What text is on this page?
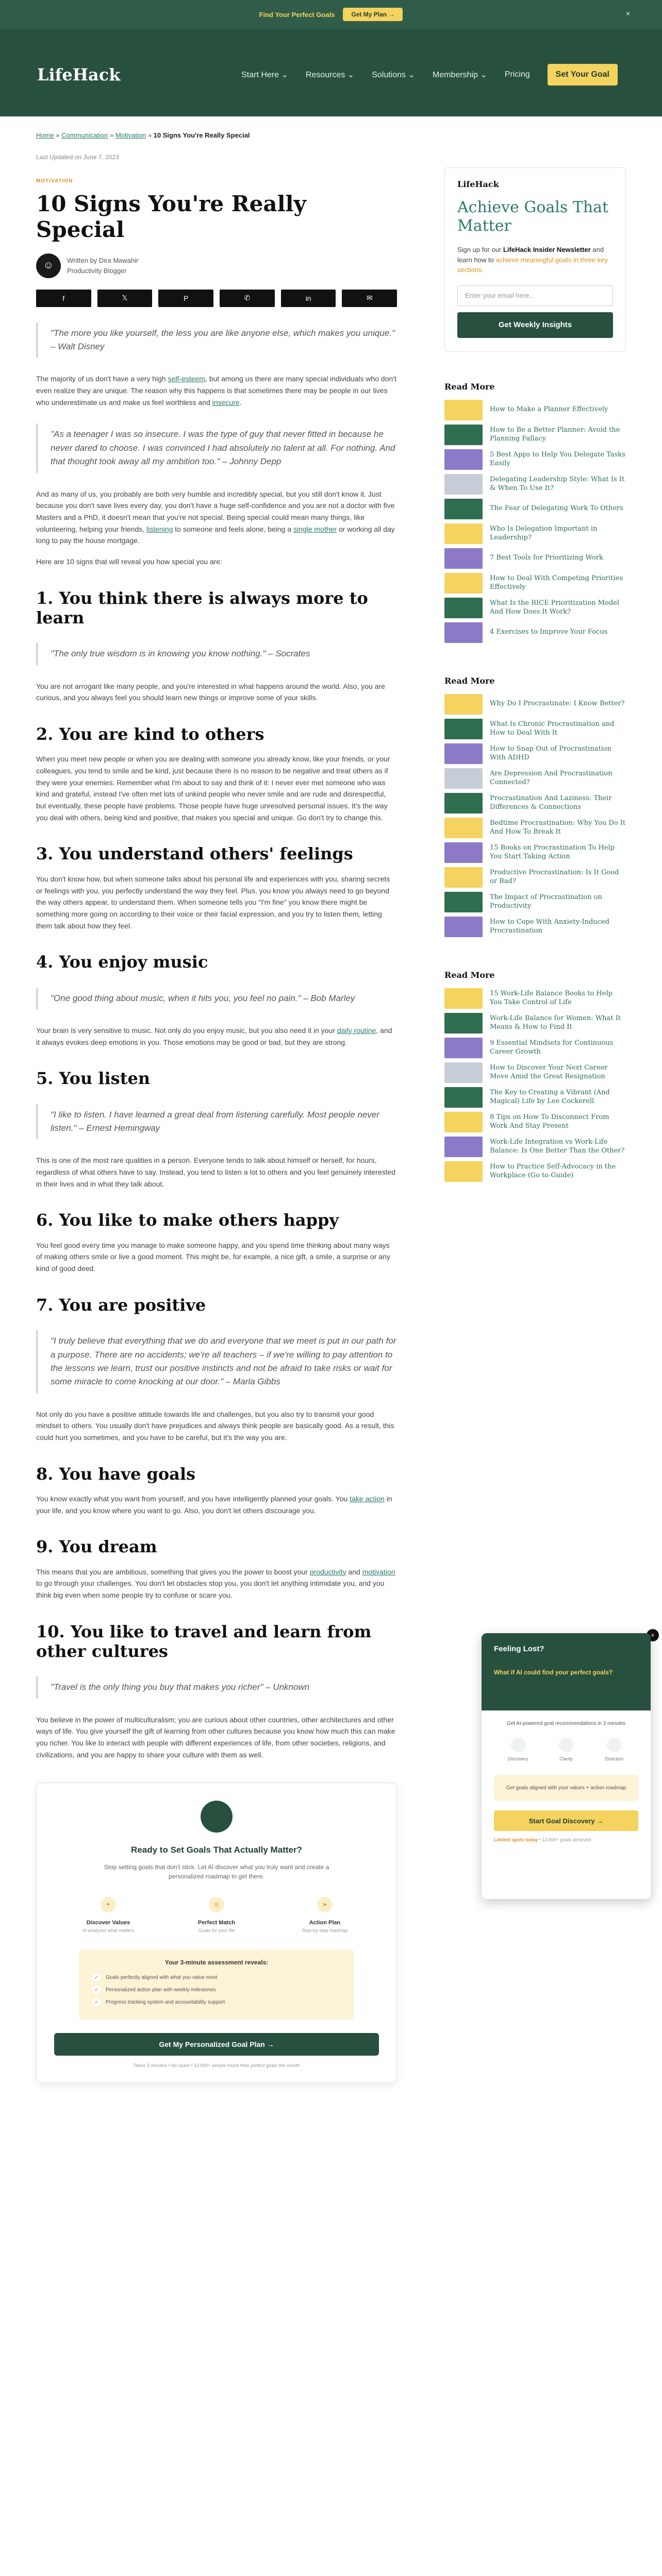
Find Your Perfect Goals	Get My Plan →	×
LifeHack	Start Here ⌄ Resources ⌄ Solutions ⌄ Membership ⌄ Pricing	Set Your Goal
Home » Communication » Motivation » 10 Signs You're Really Special
Last Updated on June 7, 2023
MOTIVATION
10 Signs You're Really Special
☺	Written by Dira Mawahir
Productivity Blogger
f	𝕏	P	✆	in	✉
"The more you like yourself, the less you are like anyone else, which makes you unique." – Walt Disney

The majority of us don't have a very high self-esteem, but among us there are many special individuals who don't even realize they are unique. The reason why this happens is that sometimes there may be people in our lives who underestimate us and make us feel worthless and insecure.

"As a teenager I was so insecure. I was the type of guy that never fitted in because he never dared to choose. I was convinced I had absolutely no talent at all. For nothing. And that thought took away all my ambition too." – Johnny Depp

And as many of us, you probably are both very humble and incredibly special, but you still don't know it. Just because you don't save lives every day, you don't have a huge self-confidence and you are not a doctor with five Masters and a PhD, it doesn't mean that you're not special. Being special could mean many things, like volunteering, helping your friends, listening to someone and feels alone, being a single mother or working all day long to pay the house mortgage.

Here are 10 signs that will reveal you how special you are:

1. You think there is always more to learn
"The only true wisdom is in knowing you know nothing." – Socrates

You are not arrogant like many people, and you're interested in what happens around the world. Also, you are curious, and you always feel you should learn new things or improve some of your skills.

2. You are kind to others

When you meet new people or when you are dealing with someone you already know, like your friends, or your colleagues, you tend to smile and be kind, just because there is no reason to be negative and treat others as if they were your enemies. Remember what I'm about to say and think of it: I never ever met someone who was kind and grateful, instead I've often met lots of unkind people who never smile and are rude and disrespectful, but eventually, these people have problems. Those people have huge unresolved personal issues. It's the way you deal with others, being kind and positive, that makes you special and unique. Go don't try to change this.

3. You understand others' feelings

You don't know how, but when someone talks about his personal life and experiences with you, sharing secrets or feelings with you, you perfectly understand the way they feel. Plus, you know you always need to go beyond the way others appear, to understand them. When someone tells you "I'm fine" you know there might be something more going on according to their voice or their facial expression, and you try to listen them, letting them talk about how they feel.

4. You enjoy music
"One good thing about music, when it hits you, you feel no pain." – Bob Marley

Your brain is very sensitive to music. Not only do you enjoy music, but you also need it in your daily routine, and it always evokes deep emotions in you. Those emotions may be good or bad, but they are strong.

5. You listen
"I like to listen. I have learned a great deal from listening carefully. Most people never listen." – Ernest Hemingway

This is one of the most rare qualities in a person. Everyone tends to talk about himself or herself, for hours, regardless of what others have to say. Instead, you tend to listen a lot to others and you feel genuinely interested in their lives and in what they talk about.

6. You like to make others happy

You feel good every time you manage to make someone happy, and you spend time thinking about many ways of making others smile or live a good moment. This might be, for example, a nice gift, a smile, a surprise or any kind of good deed.

7. You are positive
"I truly believe that everything that we do and everyone that we meet is put in our path for a purpose. There are no accidents; we're all teachers – if we're willing to pay attention to the lessons we learn, trust our positive instincts and not be afraid to take risks or wait for some miracle to come knocking at our door." – Marla Gibbs

Not only do you have a positive attitude towards life and challenges, but you also try to transmit your good mindset to others. You usually don't have prejudices and always think people are basically good. As a result, this could hurt you sometimes, and you have to be careful, but it's the way you are.

8. You have goals

You know exactly what you want from yourself, and you have intelligently planned your goals. You take action in your life, and you know where you want to go. Also, you don't let others discourage you.

9. You dream

This means that you are ambitious, something that gives you the power to boost your productivity and motivation to go through your challenges. You don't let obstacles stop you, you don't let anything intimidate you, and you think big even when some people try to confuse or scare you.

10. You like to travel and learn from other cultures
"Travel is the only thing you buy that makes you richer" – Unknown

You believe in the power of multiculturalism; you are curious about other countries, other architectures and other ways of life. You give yourself the gift of learning from other cultures because you know how much this can make you richer. You like to interact with people with different experiences of life, from other societies, religions, and civilizations, and you are happy to share your culture with them as well.

Ready to Set Goals That Actually Matter?
Stop setting goals that don't stick. Let AI discover what you truly want and create a personalized roadmap to get there.
✦
Discover Values
AI analyzes what matters
◎
Perfect Match
Goals for your life
➤
Action Plan
Step-by-step roadmap
Your 3-minute assessment reveals:
✓ Goals perfectly aligned with what you value most
✓ Personalized action plan with weekly milestones
✓ Progress tracking system and accountability support
Get My Personalized Goal Plan →
Takes 3 minutes • No spam • 12,000+ people found their perfect goals this month
LifeHack
Achieve Goals That Matter
Sign up for our LifeHack Insider Newsletter and learn how to achieve meaningful goals in three key sections.
Enter your email here...
Get Weekly Insights
Read More
How to Make a Planner Effectively
How to Be a Better Planner: Avoid the Planning Fallacy
5 Best Apps to Help You Delegate Tasks Easily
Delegating Leadership Style: What Is It & When To Use It?
The Fear of Delegating Work To Others
Who Is Delegation Important in Leadership?
7 Best Tools for Prioritizing Work
How to Deal With Competing Priorities Effectively
What Is the RICE Prioritization Model And How Does It Work?
4 Exercises to Improve Your Focus
Read More
Why Do I Procrastinate: I Know Better?
What Is Chronic Procrastination and How to Deal With It
How to Snap Out of Procrastination With ADHD
Are Depression And Procrastination Connected?
Procrastination And Laziness: Their Differences & Connections
Bedtime Procrastination: Why You Do It And How To Break It
15 Books on Procrastination To Help You Start Taking Action
Productive Procrastination: Is It Good or Bad?
The Impact of Procrastination on Productivity
How to Cope With Anxiety-Induced Procrastination
Read More
15 Work-Life Balance Books to Help You Take Control of Life
Work-Life Balance for Women: What It Means & How to Find It
9 Essential Mindsets for Continuous Career Growth
How to Discover Your Next Career Move Amid the Great Resignation
The Key to Creating a Vibrant (And Magical) Life by Lee Cockerell
8 Tips on How To Disconnect From Work And Stay Present
Work-Life Integration vs Work-Life Balance: Is One Better Than the Other?
How to Practice Self-Advocacy in the Workplace (Go to Guide)
×
Feeling Lost?
What if AI could find your perfect goals?
Get AI-powered goal recommendations in 3 minutes
Discovery	Clarity	Direction
Get goals aligned with your values + action roadmap
Start Goal Discovery →
Limited spots today • 12,000+ goals achieved
